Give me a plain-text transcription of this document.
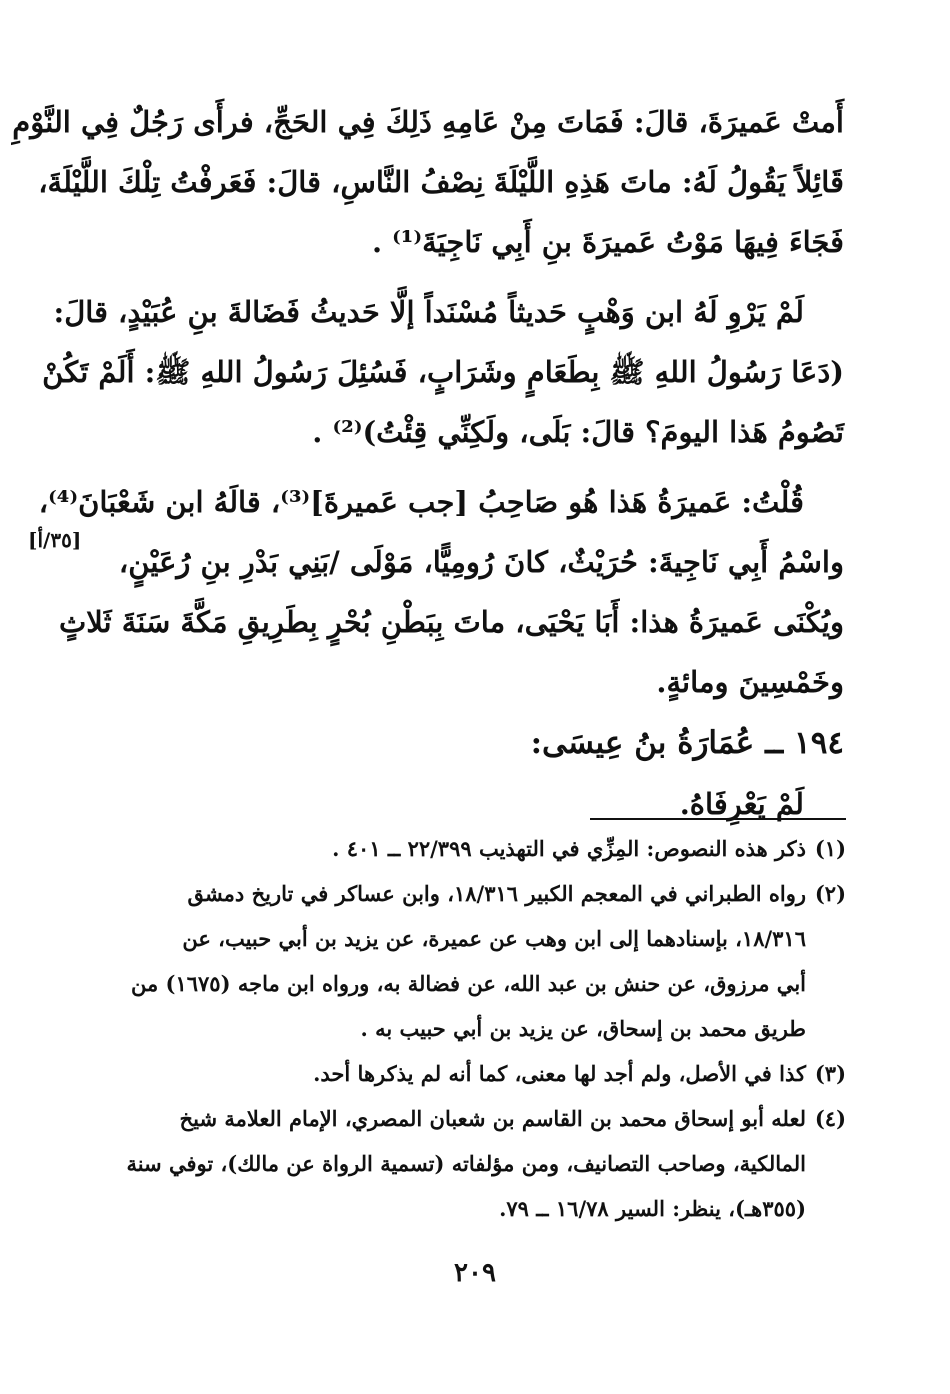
أَمتْ عَميرَةَ، قالَ: فَمَاتَ مِنْ عَامِهِ ذَلِكَ فِي الحَجِّ، فرأَى رَجُلٌ فِي النَّوْمِ
قَائِلاً يَقُولُ لَهُ: ماتَ هَذِهِ اللَّيْلَةَ نِصْفُ النَّاسِ، قالَ: فَعَرفْتُ تِلْكَ اللَّيْلَةَ،
فَجَاءَ فِيهَا مَوْتُ عَميرَةَ بنِ أَبِي نَاجِيَةَ⁽¹⁾ .
لَمْ يَرْوِ لَهُ ابن وَهْبٍ حَديثاً مُسْنَداً إلَّا حَديثُ فَضَالةَ بنِ عُبَيْدٍ، قالَ:
(دَعَا رَسُولُ اللهِ ﷺ بِطَعَامٍ وشَرَابٍ، فَسُئِلَ رَسُولُ اللهِ ﷺ: أَلَمْ تَكُنْ
تَصُومُ هَذا اليومَ؟ قالَ: بَلَى، ولَكِنِّي قِئْتُ)⁽²⁾ .
قُلْتُ: عَميرَةُ هَذا هُو صَاحِبُ [جب عَميرةَ]⁽³⁾، قالَهُ ابن شَعْبَانَ⁽⁴⁾،
واسْمُ أَبِي نَاجِيةَ: حُرَيْثٌ، كانَ رُومِيًّا، مَوْلَى /بَنِي بَدْرِ بنِ رُعَيْنٍ،
ويُكْنَى عَميرَةُ هذا: أَبَا يَحْيَى، ماتَ بِبَطْنِ بُحْرٍ بِطَرِيقِ مَكَّةَ سَنَةَ ثَلاثٍ
وخَمْسِينَ ومائةٍ.
١٩٤ ــ عُمَارَةُ بنُ عِيسَى:
لَمْ يَعْرِفَاهُ.
[٣٥/أ]
(١)ذكر هذه النصوص: المِزِّي في التهذيب ٢٢/٣٩٩ ــ ٤٠١ .
(٢)رواه الطبراني في المعجم الكبير ١٨/٣١٦، وابن عساكر في تاريخ دمشق
١٨/٣١٦، بإسنادهما إلى ابن وهب عن عميرة، عن يزيد بن أبي حبيب، عن
أبي مرزوق، عن حنش بن عبد الله، عن فضالة به، ورواه ابن ماجه (١٦٧٥) من
طريق محمد بن إسحاق، عن يزيد بن أبي حبيب به .
(٣)كذا في الأصل، ولم أجد لها معنى، كما أنه لم يذكرها أحد.
(٤)لعله أبو إسحاق محمد بن القاسم بن شعبان المصري، الإمام العلامة شيخ
المالكية، وصاحب التصانيف، ومن مؤلفاته (تسمية الرواة عن مالك)، توفي سنة
(٣٥٥هـ)، ينظر: السير ١٦/٧٨ ــ ٧٩.
٢٠٩
